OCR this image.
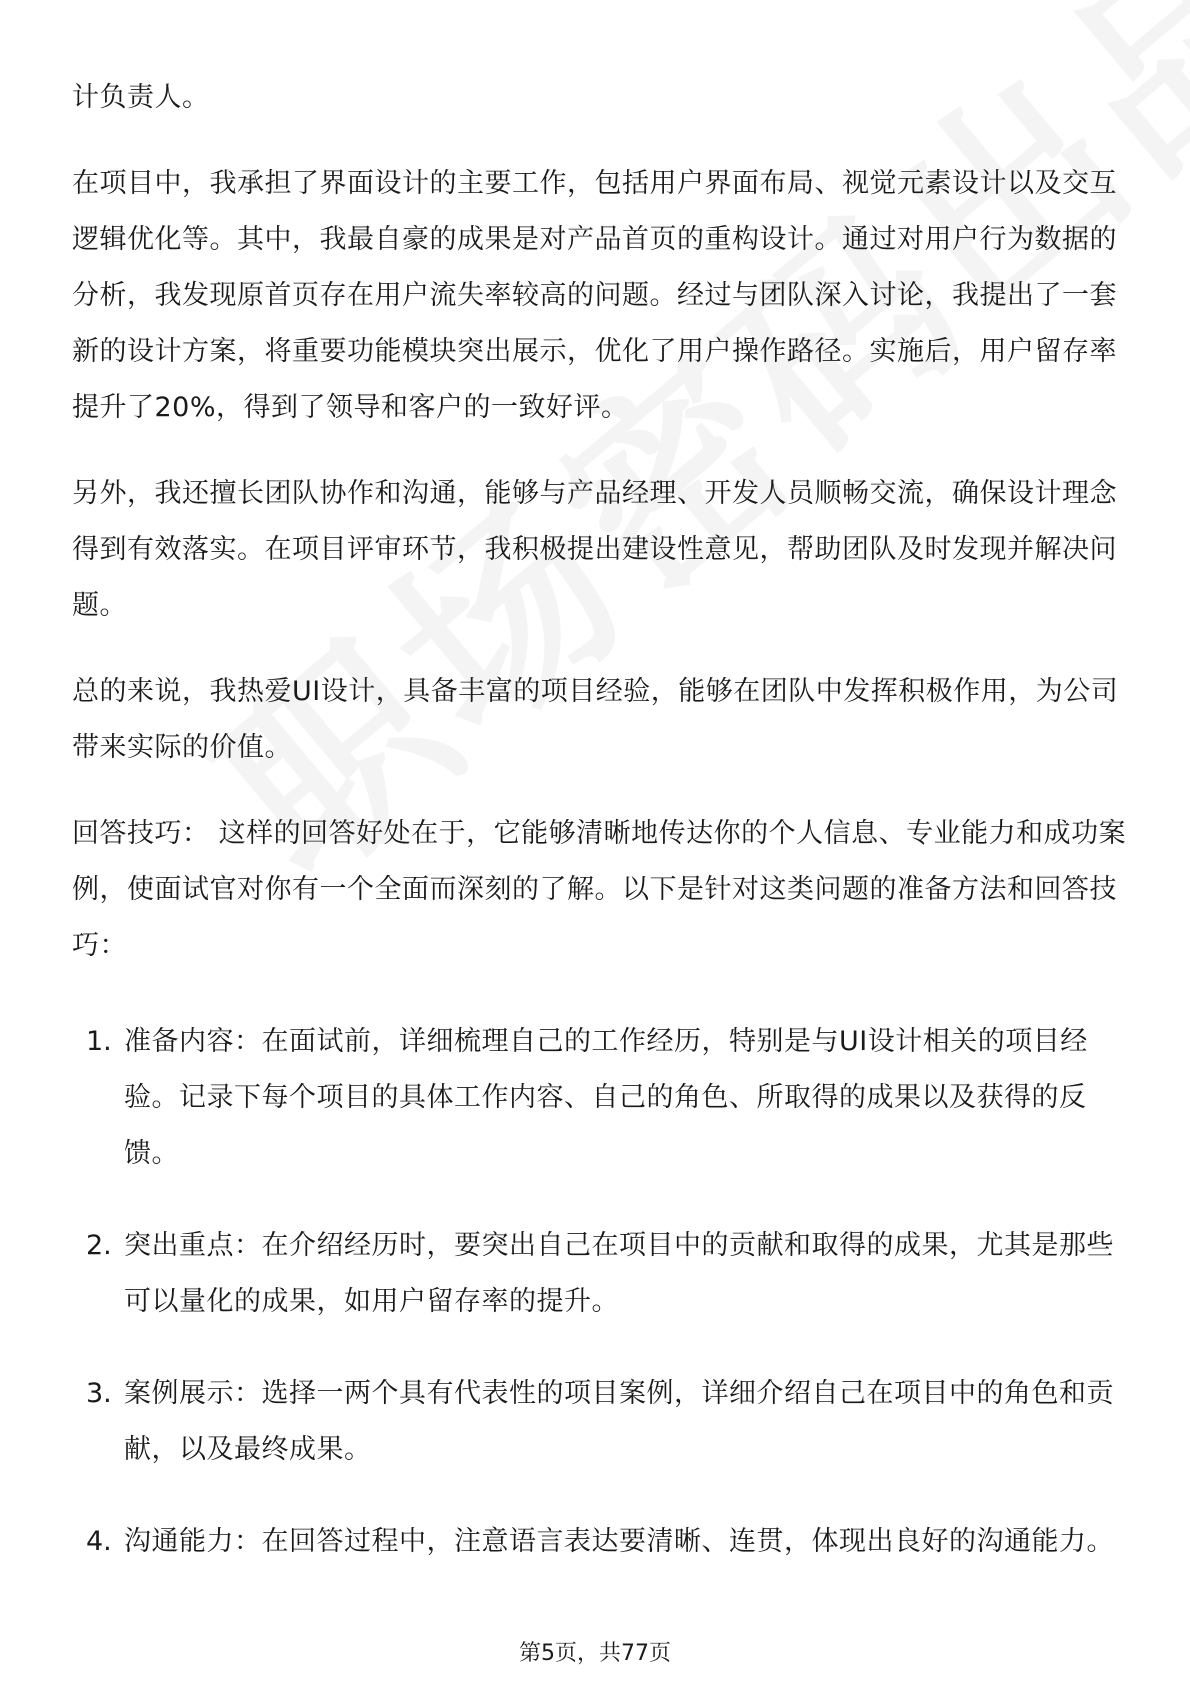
计负责人。

在项目中，我承担了界面设计的主要工作，包括用户界面布局、视觉元素设计以及交互逻辑优化等。其中，我最自豪的成果是对产品首页的重构设计。通过对用户行为数据的分析，我发现原首页存在用户流失率较高的问题。经过与团队深入讨论，我提出了一套新的设计方案，将重要功能模块突出展示，优化了用户操作路径。实施后，用户留存率提升了20%，得到了领导和客户的一致好评。

另外，我还擅长团队协作和沟通，能够与产品经理、开发人员顺畅交流，确保设计理念得到有效落实。在项目评审环节，我积极提出建设性意见，帮助团队及时发现并解决问题。

总的来说，我热爱UI设计，具备丰富的项目经验，能够在团队中发挥积极作用，为公司带来实际的价值。

回答技巧： 这样的回答好处在于，它能够清晰地传达你的个人信息、专业能力和成功案例，使面试官对你有一个全面而深刻的了解。以下是针对这类问题的准备方法和回答技巧：

1. 准备内容：在面试前，详细梳理自己的工作经历，特别是与UI设计相关的项目经验。记录下每个项目的具体工作内容、自己的角色、所取得的成果以及获得的反馈。

2. 突出重点：在介绍经历时，要突出自己在项目中的贡献和取得的成果，尤其是那些可以量化的成果，如用户留存率的提升。

3. 案例展示：选择一两个具有代表性的项目案例，详细介绍自己在项目中的角色和贡献，以及最终成果。

4. 沟通能力：在回答过程中，注意语言表达要清晰、连贯，体现出良好的沟通能力。

第5页，共77页
